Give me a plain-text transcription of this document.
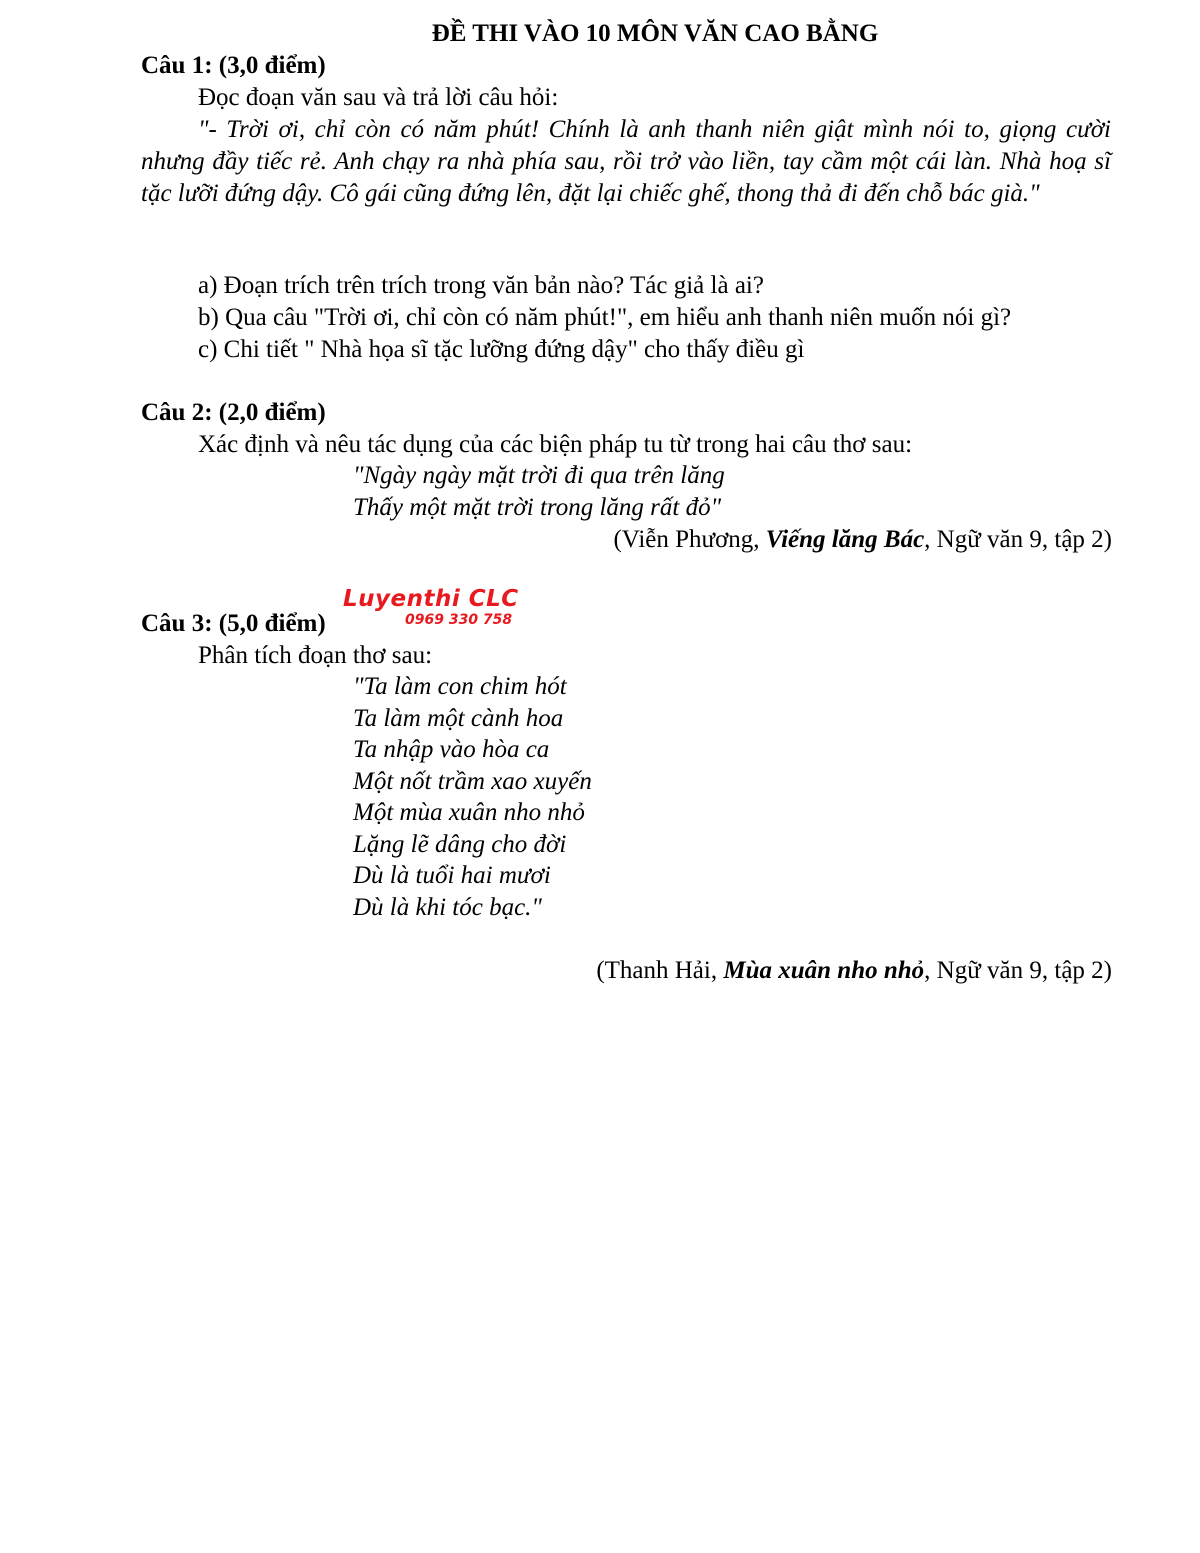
ĐỀ THI VÀO 10 MÔN VĂN CAO BẰNG
Câu 1: (3,0 điểm)
Đọc đoạn văn sau và trả lời câu hỏi:

"- Trời ơi, chỉ còn có năm phút! Chính là anh thanh niên giật mình nói to, giọng cười nhưng đầy tiếc rẻ. Anh chạy ra nhà phía sau, rồi trở vào liền, tay cầm một cái làn. Nhà hoạ sĩ tặc lưỡi đứng dậy. Cô gái cũng đứng lên, đặt lại chiếc ghế, thong thả đi đến chỗ bác già."

a) Đoạn trích trên trích trong văn bản nào? Tác giả là ai?
b) Qua câu "Trời ơi, chỉ còn có năm phút!", em hiểu anh thanh niên muốn nói gì?
c) Chi tiết " Nhà họa sĩ tặc lưỡng đứng dậy" cho thấy điều gì
Câu 2: (2,0 điểm)
Xác định và nêu tác dụng của các biện pháp tu từ trong hai câu thơ sau:
"Ngày ngày mặt trời đi qua trên lăng
Thấy một mặt trời trong lăng rất đỏ"
(Viễn Phương, Viếng lăng Bác, Ngữ văn 9, tập 2)
Luyenthi CLC
0969 330 758
Câu 3: (5,0 điểm)
Phân tích đoạn thơ sau:
"Ta làm con chim hót
Ta làm một cành hoa
Ta nhập vào hòa ca
Một nốt trầm xao xuyến
Một mùa xuân nho nhỏ
Lặng lẽ dâng cho đời
Dù là tuổi hai mươi
Dù là khi tóc bạc."
(Thanh Hải, Mùa xuân nho nhỏ, Ngữ văn 9, tập 2)
